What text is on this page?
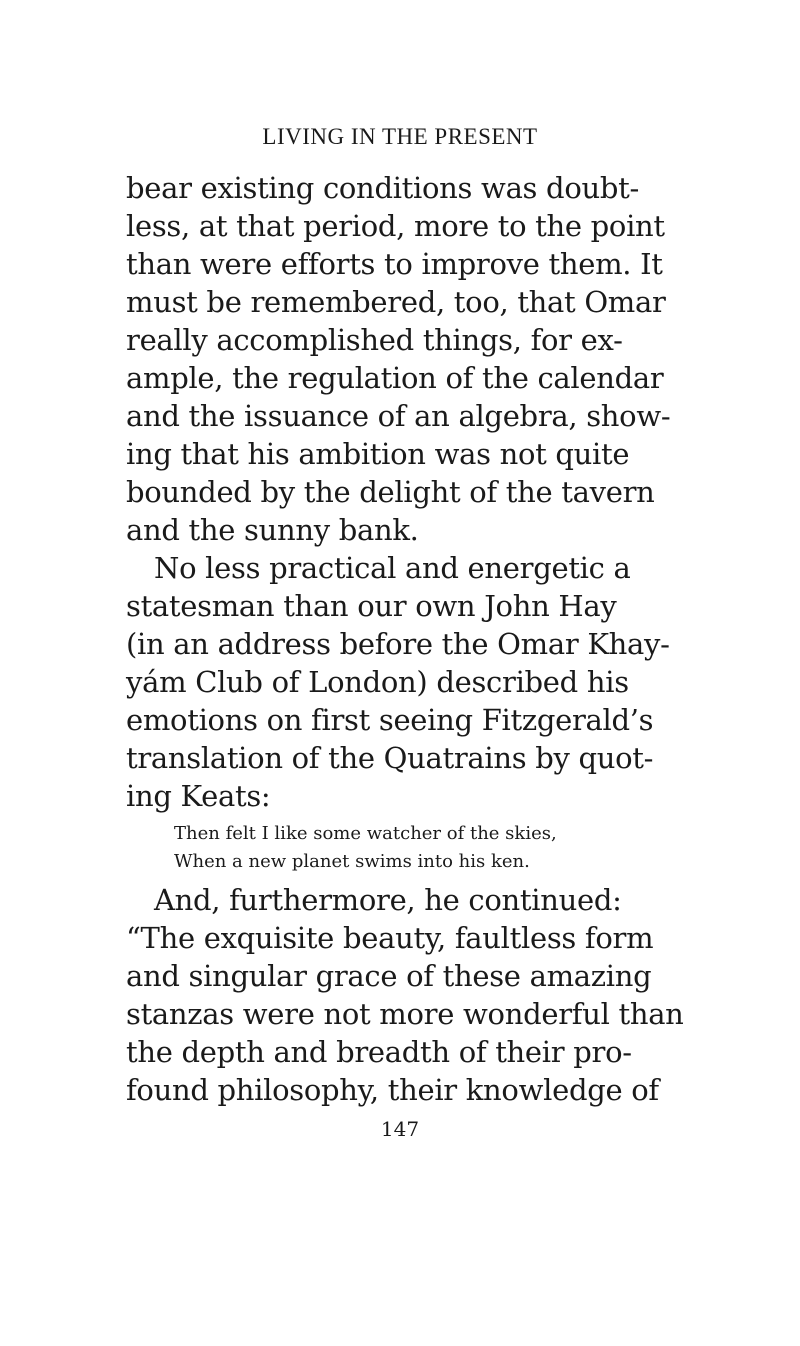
LIVING IN THE PRESENT

bear existing conditions was doubt-

less, at that period, more to the point

than were efforts to improve them. It

must be remembered, too, that Omar

really accomplished things, for ex-

ample, the regulation of the calendar

and the issuance of an algebra, show-

ing that his ambition was not quite

bounded by the delight of the tavern

and the sunny bank.

No less practical and energetic a

statesman than our own John Hay

(in an address before the Omar Khay-

yám Club of London) described his

emotions on first seeing Fitzgerald’s

translation of the Quatrains by quot-

ing Keats:

Then felt I like some watcher of the skies,

When a new planet swims into his ken.

And, furthermore, he continued:

“The exquisite beauty, faultless form

and singular grace of these amazing

stanzas were not more wonderful than

the depth and breadth of their pro-

found philosophy, their knowledge of

147
